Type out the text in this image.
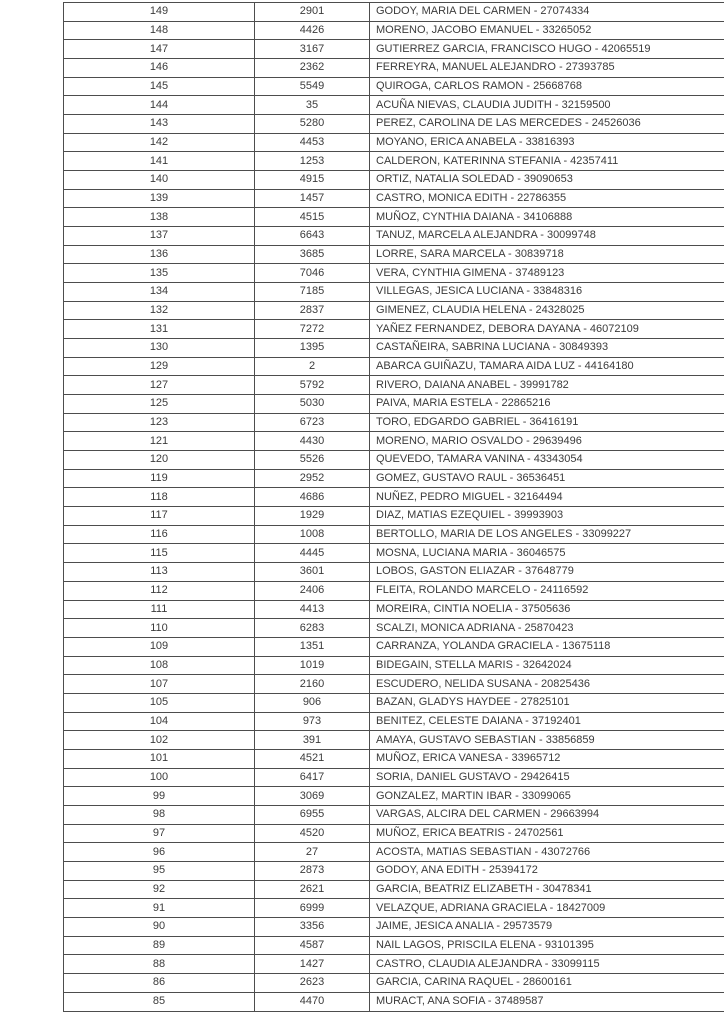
149	2901	GODOY, MARIA DEL CARMEN - 27074334
148	4426	MORENO, JACOBO EMANUEL - 33265052
147	3167	GUTIERREZ GARCIA, FRANCISCO HUGO - 42065519
146	2362	FERREYRA, MANUEL ALEJANDRO - 27393785
145	5549	QUIROGA, CARLOS RAMON - 25668768
144	35	ACUÑA NIEVAS, CLAUDIA JUDITH - 32159500
143	5280	PEREZ, CAROLINA DE LAS MERCEDES - 24526036
142	4453	MOYANO, ERICA ANABELA - 33816393
141	1253	CALDERON, KATERINNA STEFANIA - 42357411
140	4915	ORTIZ, NATALIA SOLEDAD - 39090653
139	1457	CASTRO, MONICA EDITH - 22786355
138	4515	MUÑOZ, CYNTHIA DAIANA - 34106888
137	6643	TANUZ, MARCELA ALEJANDRA - 30099748
136	3685	LORRE, SARA MARCELA - 30839718
135	7046	VERA, CYNTHIA GIMENA - 37489123
134	7185	VILLEGAS, JESICA LUCIANA - 33848316
132	2837	GIMENEZ, CLAUDIA HELENA - 24328025
131	7272	YAÑEZ FERNANDEZ, DEBORA DAYANA - 46072109
130	1395	CASTAÑEIRA, SABRINA LUCIANA - 30849393
129	2	ABARCA GUIÑAZU, TAMARA AIDA LUZ - 44164180
127	5792	RIVERO, DAIANA ANABEL - 39991782
125	5030	PAIVA, MARIA ESTELA - 22865216
123	6723	TORO, EDGARDO GABRIEL - 36416191
121	4430	MORENO, MARIO OSVALDO - 29639496
120	5526	QUEVEDO, TAMARA VANINA - 43343054
119	2952	GOMEZ, GUSTAVO RAUL - 36536451
118	4686	NUÑEZ, PEDRO MIGUEL - 32164494
117	1929	DIAZ, MATIAS EZEQUIEL - 39993903
116	1008	BERTOLLO, MARIA DE LOS ANGELES - 33099227
115	4445	MOSNA, LUCIANA MARIA - 36046575
113	3601	LOBOS, GASTON ELIAZAR - 37648779
112	2406	FLEITA, ROLANDO MARCELO - 24116592
111	4413	MOREIRA, CINTIA NOELIA - 37505636
110	6283	SCALZI, MONICA ADRIANA - 25870423
109	1351	CARRANZA, YOLANDA GRACIELA - 13675118
108	1019	BIDEGAIN, STELLA MARIS - 32642024
107	2160	ESCUDERO, NELIDA SUSANA - 20825436
105	906	BAZAN, GLADYS HAYDEE - 27825101
104	973	BENITEZ, CELESTE DAIANA - 37192401
102	391	AMAYA, GUSTAVO SEBASTIAN - 33856859
101	4521	MUÑOZ, ERICA VANESA - 33965712
100	6417	SORIA, DANIEL GUSTAVO - 29426415
99	3069	GONZALEZ, MARTIN IBAR - 33099065
98	6955	VARGAS, ALCIRA DEL CARMEN - 29663994
97	4520	MUÑOZ, ERICA BEATRIS - 24702561
96	27	ACOSTA, MATIAS SEBASTIAN - 43072766
95	2873	GODOY, ANA EDITH - 25394172
92	2621	GARCIA, BEATRIZ ELIZABETH - 30478341
91	6999	VELAZQUE, ADRIANA GRACIELA - 18427009
90	3356	JAIME, JESICA ANALIA - 29573579
89	4587	NAIL LAGOS, PRISCILA ELENA - 93101395
88	1427	CASTRO, CLAUDIA ALEJANDRA - 33099115
86	2623	GARCIA, CARINA RAQUEL - 28600161
85	4470	MURACT, ANA SOFIA - 37489587
